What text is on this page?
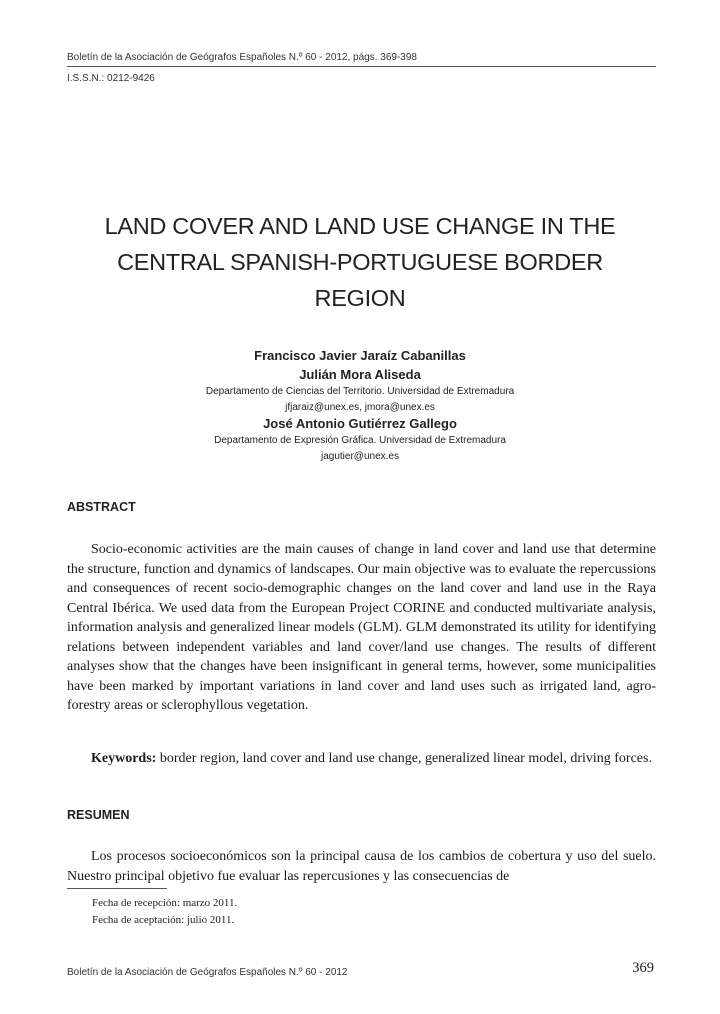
Boletín de la Asociación de Geógrafos Españoles N.º 60 - 2012, págs. 369-398
I.S.S.N.: 0212-9426
LAND COVER AND LAND USE CHANGE IN THE
CENTRAL SPANISH-PORTUGUESE BORDER
REGION
Francisco Javier Jaraíz Cabanillas
Julián Mora Aliseda
Departamento de Ciencias del Territorio. Universidad de Extremadura
jfjaraiz@unex.es, jmora@unex.es
José Antonio Gutiérrez Gallego
Departamento de Expresión Gráfica. Universidad de Extremadura
jagutier@unex.es
ABSTRACT

Socio-economic activities are the main causes of change in land cover and land use that determine the structure, function and dynamics of landscapes. Our main objective was to evaluate the repercussions and consequences of recent socio-demographic changes on the land cover and land use in the Raya Central Ibérica. We used data from the European Project CORINE and conducted multivariate analysis, information analysis and generalized linear models (GLM). GLM demonstrated its utility for identifying relations between independent variables and land cover/land use changes. The results of different analyses show that the changes have been insignificant in general terms, however, some municipalities have been marked by important variations in land cover and land uses such as irrigated land, agro-forestry areas or sclerophyllous vegetation.

Keywords: border region, land cover and land use change, generalized linear model, driving forces.

RESUMEN

Los procesos socioeconómicos son la principal causa de los cambios de cobertura y uso del suelo. Nuestro principal objetivo fue evaluar las repercusiones y las consecuencias de

Fecha de recepción: marzo 2011.
Fecha de aceptación: julio 2011.
Boletín de la Asociación de Geógrafos Españoles N.º 60 - 2012	369
